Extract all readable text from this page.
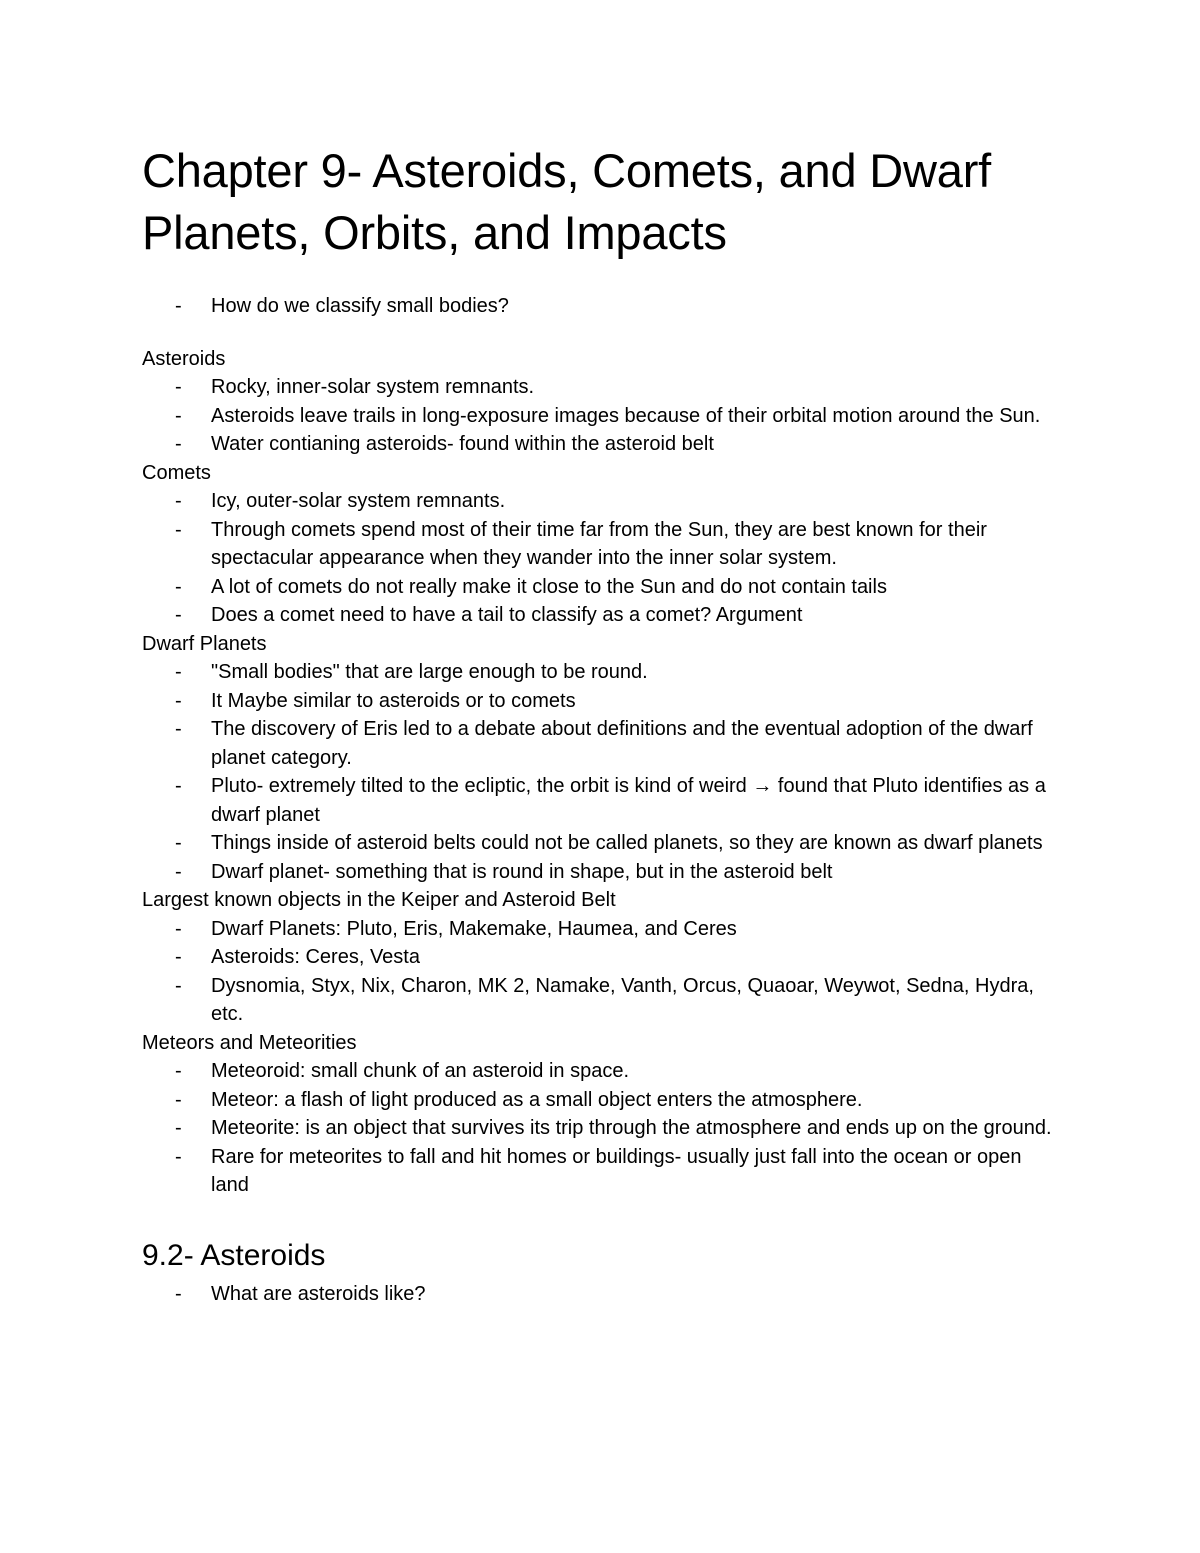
Chapter 9- Asteroids, Comets, and Dwarf Planets, Orbits, and Impacts
- How do we classify small bodies?

Asteroids

- Rocky, inner-solar system remnants.
- Asteroids leave trails in long-exposure images because of their orbital motion around the Sun.
- Water contianing asteroids- found within the asteroid belt

Comets

- Icy, outer-solar system remnants.
- Through comets spend most of their time far from the Sun, they are best known for their spectacular appearance when they wander into the inner solar system.
- A lot of comets do not really make it close to the Sun and do not contain tails
- Does a comet need to have a tail to classify as a comet? Argument

Dwarf Planets

- "Small bodies" that are large enough to be round.
- It Maybe similar to asteroids or to comets
- The discovery of Eris led to a debate about definitions and the eventual adoption of the dwarf planet category.
- Pluto- extremely tilted to the ecliptic, the orbit is kind of weird → found that Pluto identifies as a dwarf planet
- Things inside of asteroid belts could not be called planets, so they are known as dwarf planets
- Dwarf planet- something that is round in shape, but in the asteroid belt

Largest known objects in the Keiper and Asteroid Belt

- Dwarf Planets: Pluto, Eris, Makemake, Haumea, and Ceres
- Asteroids: Ceres, Vesta
- Dysnomia, Styx, Nix, Charon, MK 2, Namake, Vanth, Orcus, Quaoar, Weywot, Sedna, Hydra, etc.

Meteors and Meteorities

- Meteoroid: small chunk of an asteroid in space.
- Meteor: a flash of light produced as a small object enters the atmosphere.
- Meteorite: is an object that survives its trip through the atmosphere and ends up on the ground.
- Rare for meteorites to fall and hit homes or buildings- usually just fall into the ocean or open land
9.2- Asteroids
- What are asteroids like?
